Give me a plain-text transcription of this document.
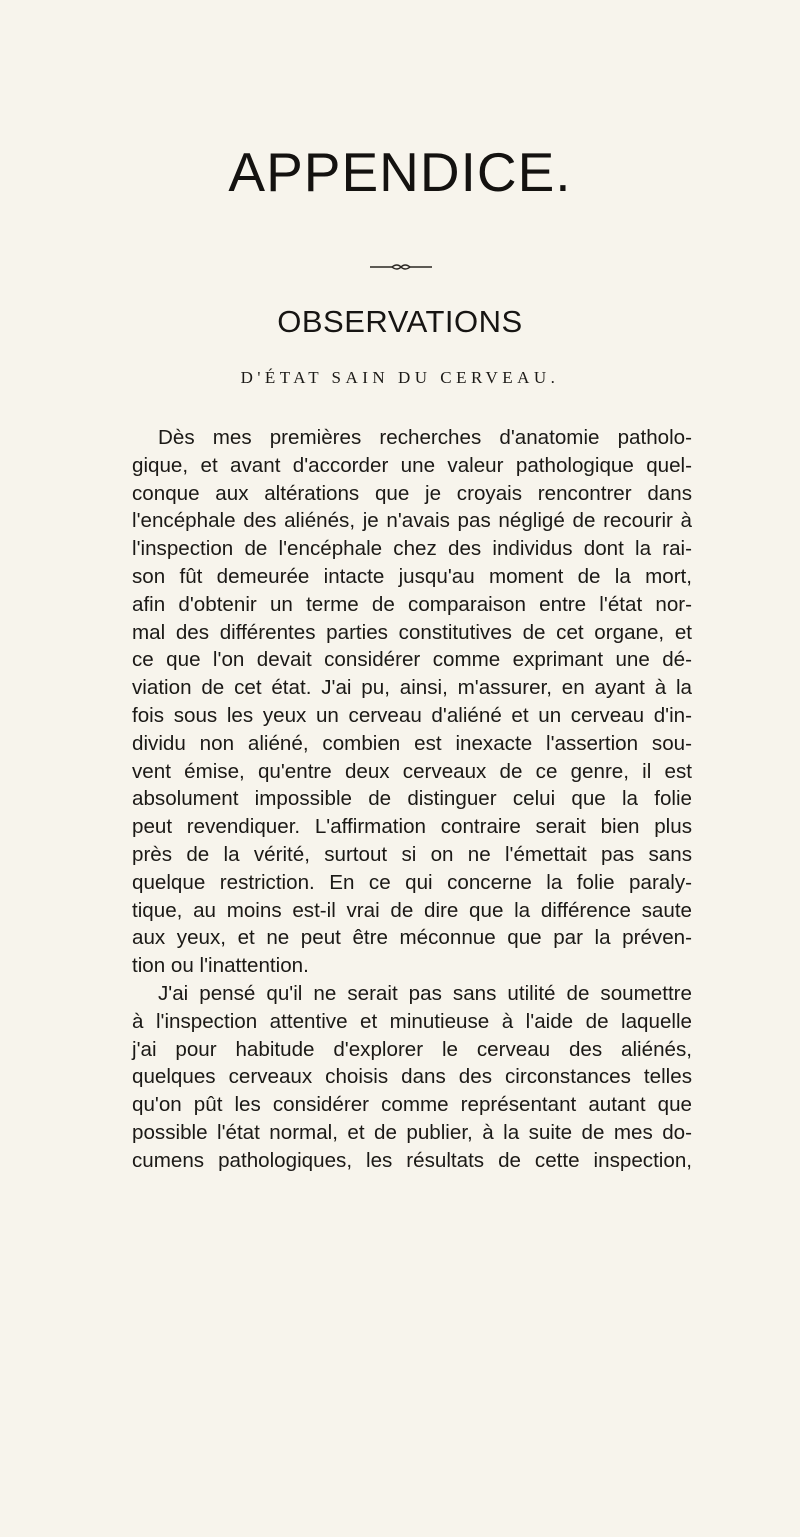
APPENDICE.
OBSERVATIONS
D'ÉTAT SAIN DU CERVEAU.
Dès mes premières recherches d'anatomie patholo-
gique, et avant d'accorder une valeur pathologique quel-
conque aux altérations que je croyais rencontrer dans
l'encéphale des aliénés, je n'avais pas négligé de recourir à
l'inspection de l'encéphale chez des individus dont la rai-
son fût demeurée intacte jusqu'au moment de la mort,
afin d'obtenir un terme de comparaison entre l'état nor-
mal des différentes parties constitutives de cet organe, et
ce que l'on devait considérer comme exprimant une dé-
viation de cet état. J'ai pu, ainsi, m'assurer, en ayant à la
fois sous les yeux un cerveau d'aliéné et un cerveau d'in-
dividu non aliéné, combien est inexacte l'assertion sou-
vent émise, qu'entre deux cerveaux de ce genre, il est
absolument impossible de distinguer celui que la folie
peut revendiquer. L'affirmation contraire serait bien plus
près de la vérité, surtout si on ne l'émettait pas sans
quelque restriction. En ce qui concerne la folie paraly-
tique, au moins est-il vrai de dire que la différence saute
aux yeux, et ne peut être méconnue que par la préven-
tion ou l'inattention.
J'ai pensé qu'il ne serait pas sans utilité de soumettre
à l'inspection attentive et minutieuse à l'aide de laquelle
j'ai pour habitude d'explorer le cerveau des aliénés,
quelques cerveaux choisis dans des circonstances telles
qu'on pût les considérer comme représentant autant que
possible l'état normal, et de publier, à la suite de mes do-
cumens pathologiques, les résultats de cette inspection,
